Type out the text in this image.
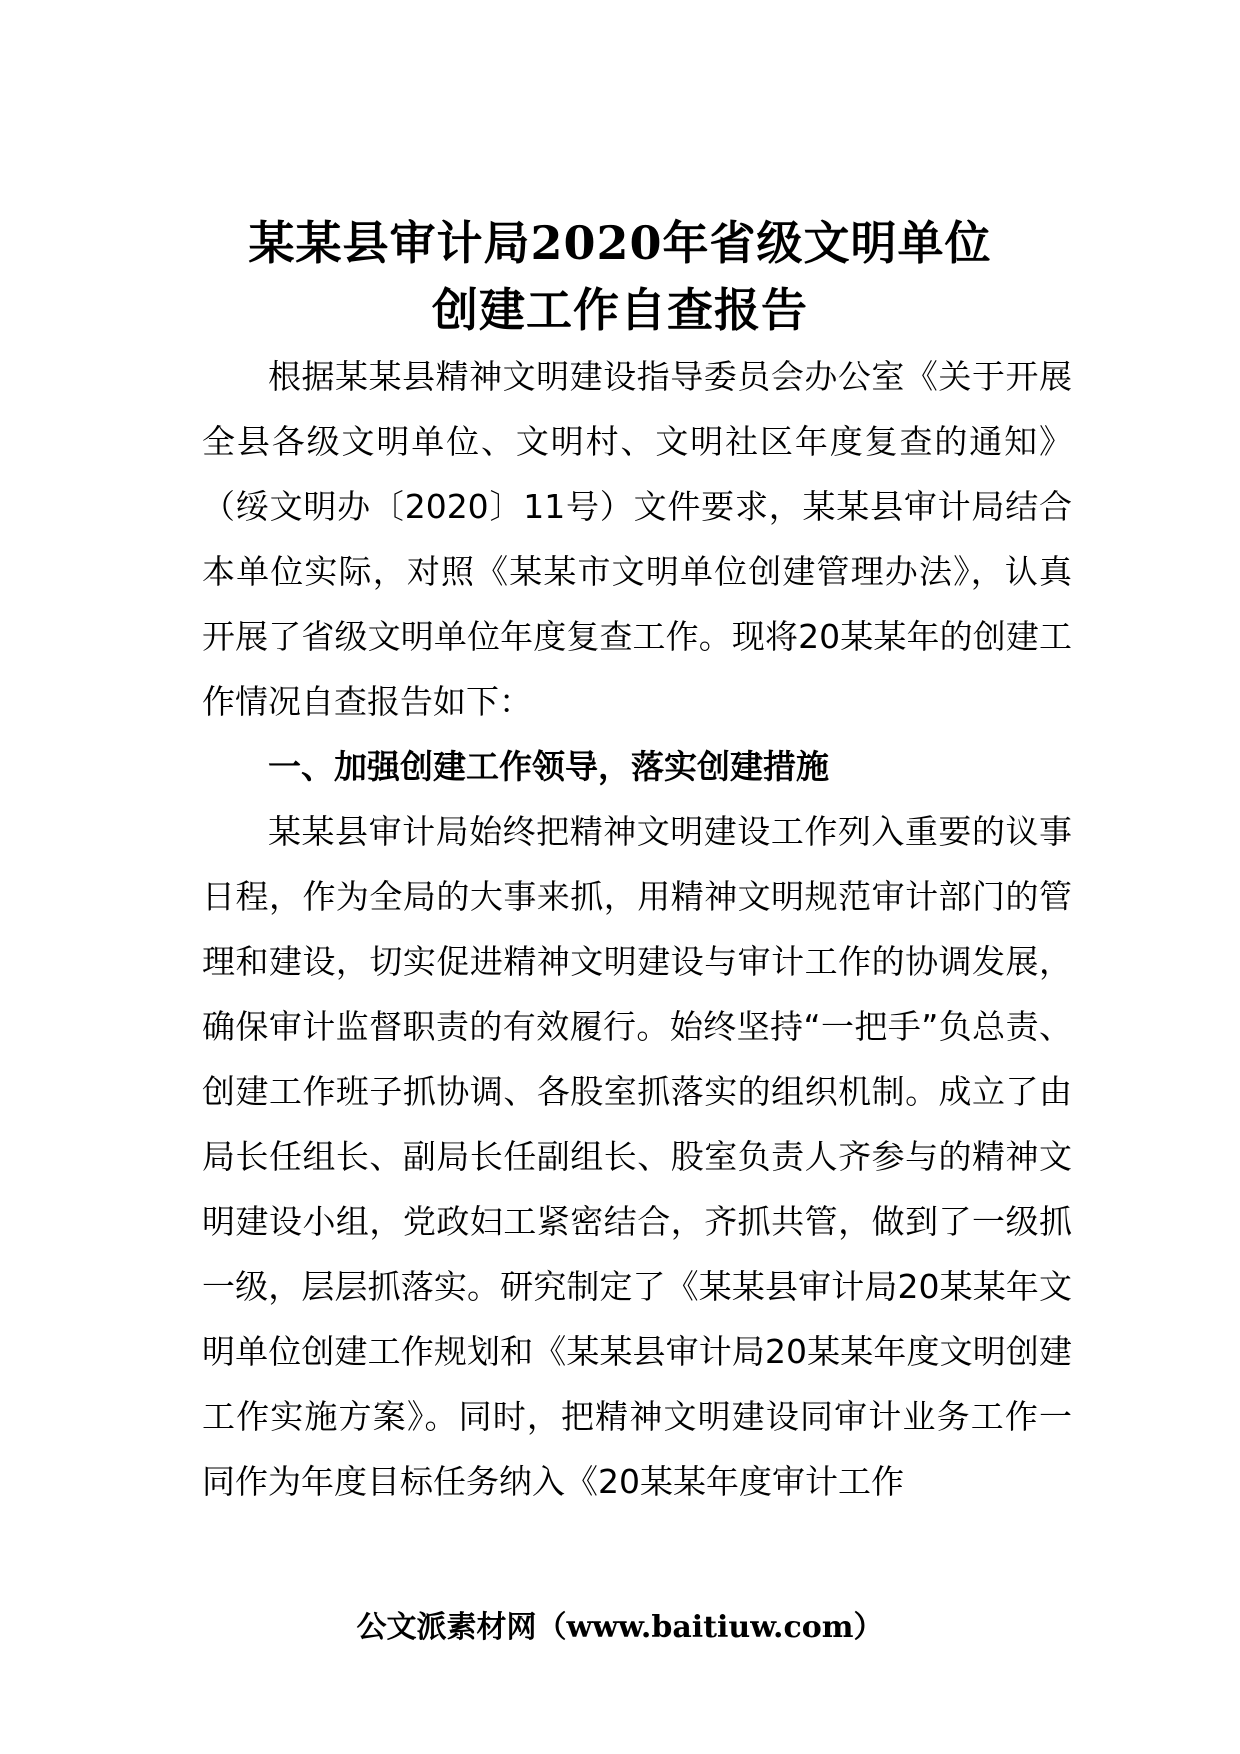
某某县审计局2020年省级文明单位
创建工作自查报告
根据某某县精神文明建设指导委员会办公室《关于开展全县各级文明单位、文明村、文明社区年度复查的通知》（绥文明办〔2020〕11号）文件要求，某某县审计局结合本单位实际，对照《某某市文明单位创建管理办法》，认真开展了省级文明单位年度复查工作。现将20某某年的创建工作情况自查报告如下：
一、加强创建工作领导，落实创建措施
某某县审计局始终把精神文明建设工作列入重要的议事日程，作为全局的大事来抓，用精神文明规范审计部门的管理和建设，切实促进精神文明建设与审计工作的协调发展，确保审计监督职责的有效履行。始终坚持“一把手”负总责、创建工作班子抓协调、各股室抓落实的组织机制。成立了由局长任组长、副局长任副组长、股室负责人齐参与的精神文明建设小组，党政妇工紧密结合，齐抓共管，做到了一级抓一级，层层抓落实。研究制定了《某某县审计局20某某年文明单位创建工作规划和《某某县审计局20某某年度文明创建工作实施方案》。同时，把精神文明建设同审计业务工作一同作为年度目标任务纳入《20某某年度审计工作
公文派素材网（www.baitiuw.com）
